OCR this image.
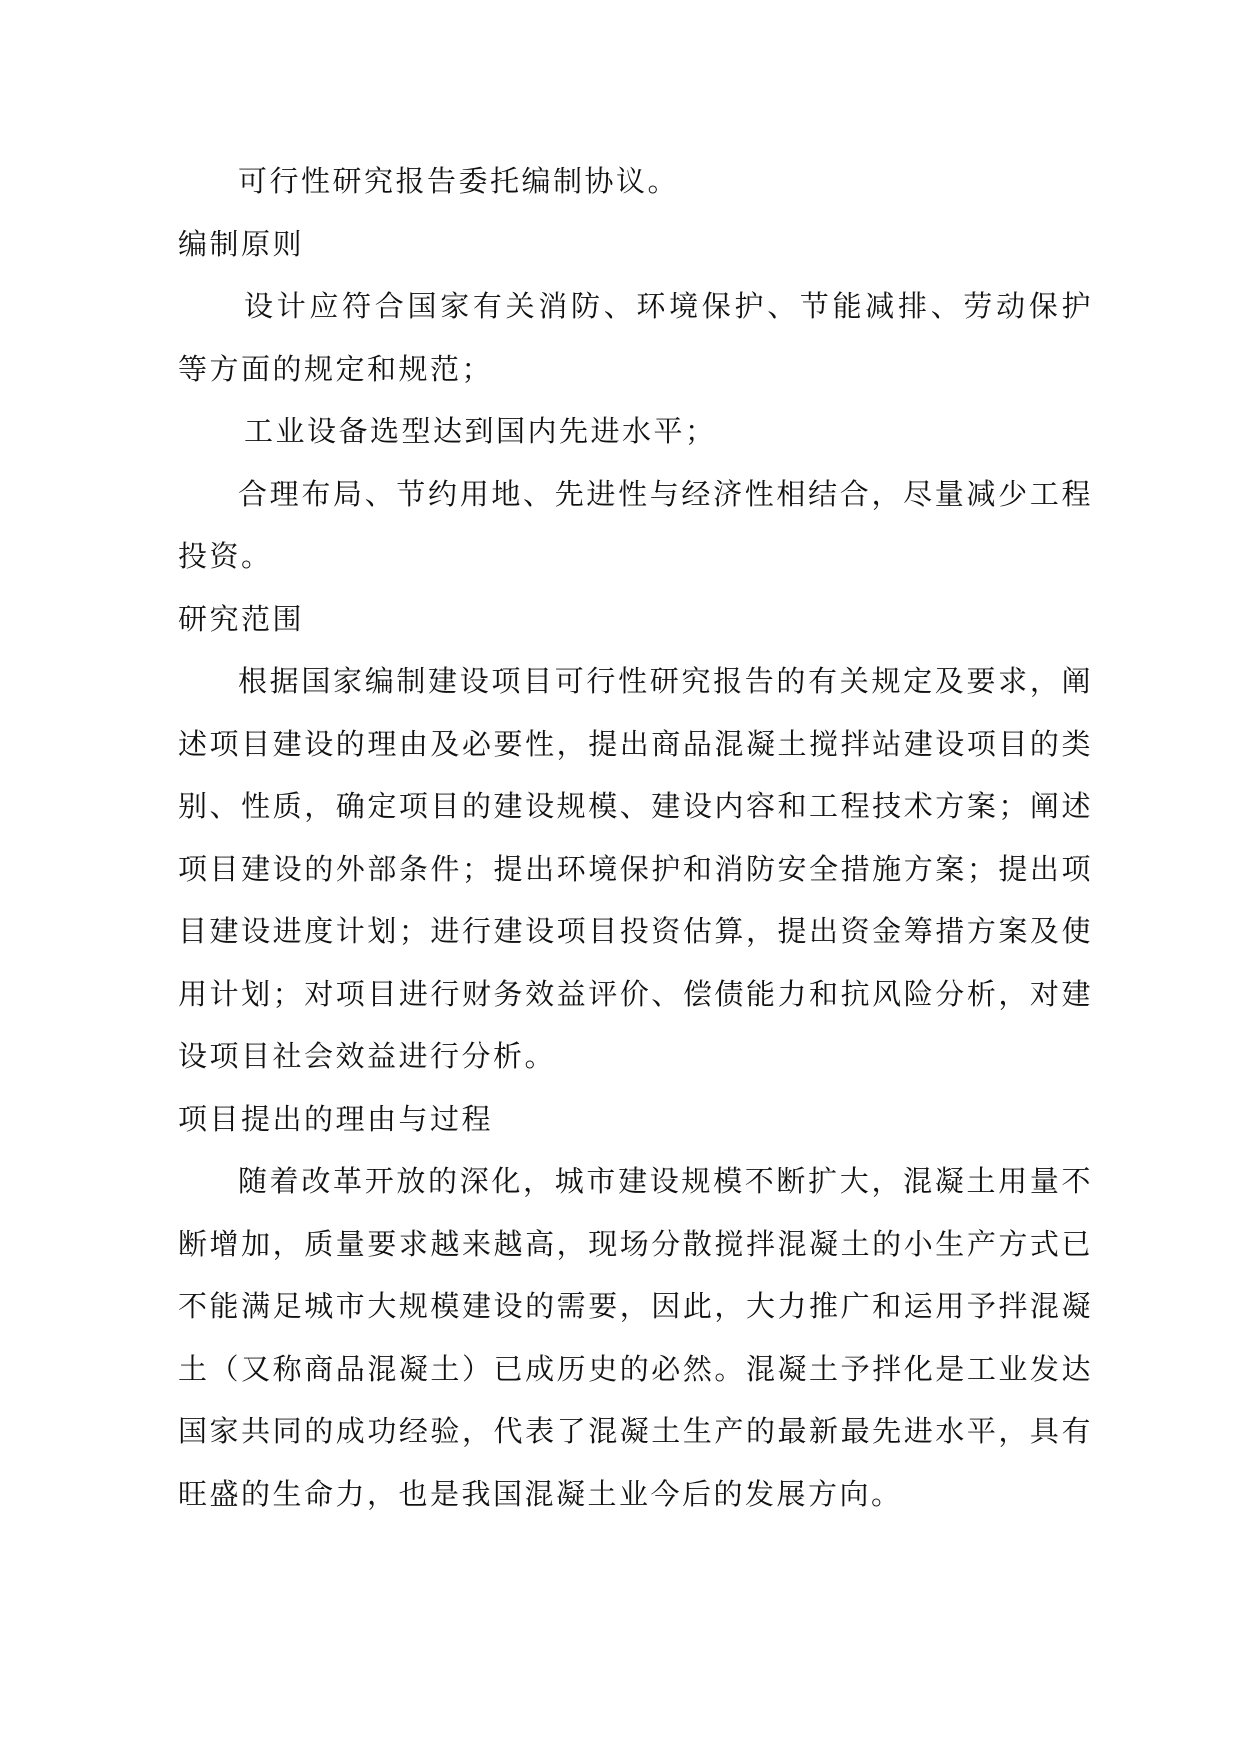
可行性研究报告委托编制协议。

编制原则

设计应符合国家有关消防、环境保护、节能减排、劳动保护等方面的规定和规范；

工业设备选型达到国内先进水平；

合理布局、节约用地、先进性与经济性相结合，尽量减少工程投资。

研究范围

根据国家编制建设项目可行性研究报告的有关规定及要求，阐述项目建设的理由及必要性，提出商品混凝土搅拌站建设项目的类别、性质，确定项目的建设规模、建设内容和工程技术方案；阐述项目建设的外部条件；提出环境保护和消防安全措施方案；提出项目建设进度计划；进行建设项目投资估算，提出资金筹措方案及使用计划；对项目进行财务效益评价、偿债能力和抗风险分析，对建设项目社会效益进行分析。

项目提出的理由与过程

随着改革开放的深化，城市建设规模不断扩大，混凝土用量不断增加，质量要求越来越高，现场分散搅拌混凝土的小生产方式已不能满足城市大规模建设的需要，因此，大力推广和运用予拌混凝土（又称商品混凝土）已成历史的必然。混凝土予拌化是工业发达国家共同的成功经验，代表了混凝土生产的最新最先进水平，具有旺盛的生命力，也是我国混凝土业今后的发展方向。
